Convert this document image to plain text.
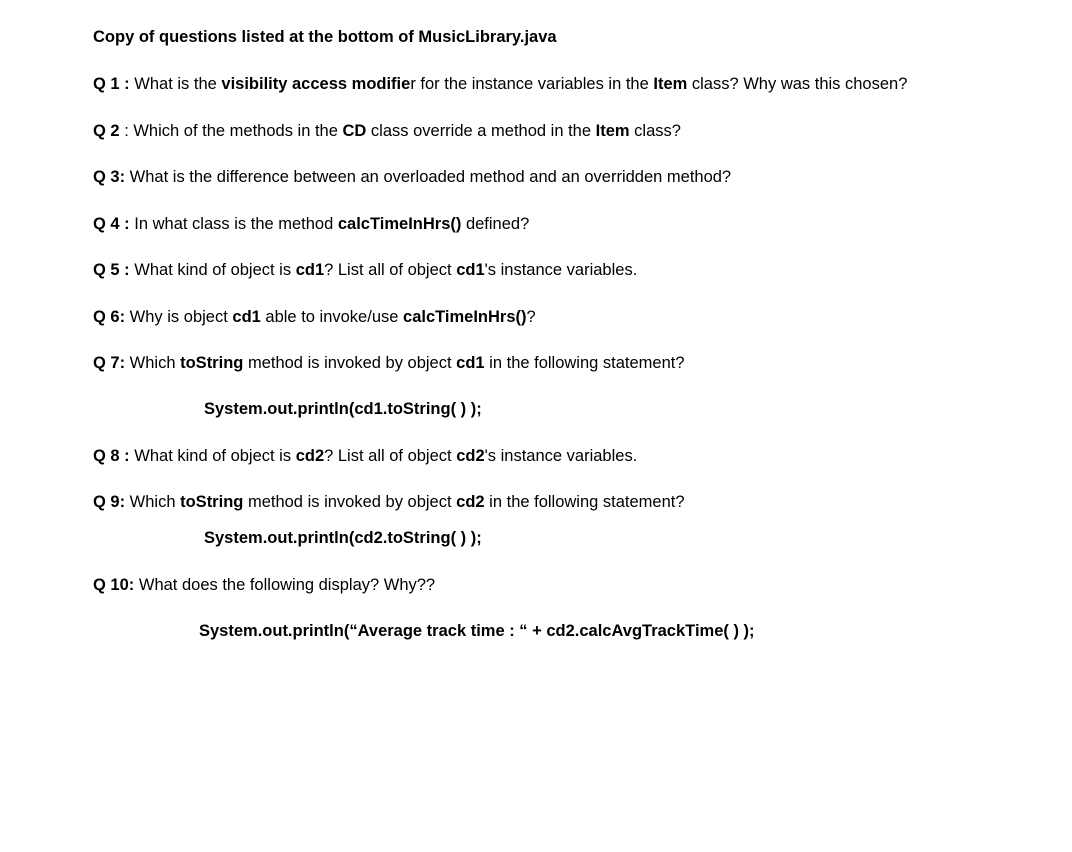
Copy of questions listed at the bottom of MusicLibrary.java

Q 1 : What is the visibility access modifier for the instance variables in the Item class? Why was this chosen?

Q 2 : Which of the methods in the CD class override a method in the Item class?

Q 3: What is the difference between an overloaded method and an overridden method?

Q 4 : In what class is the method calcTimeInHrs() defined?

Q 5 : What kind of object is cd1? List all of object cd1's instance variables.

Q 6: Why is object cd1 able to invoke/use calcTimeInHrs()?

Q 7: Which toString method is invoked by object cd1 in the following statement?

System.out.println(cd1.toString( ) );

Q 8 : What kind of object is cd2? List all of object cd2's instance variables.

Q 9: Which toString method is invoked by object cd2 in the following statement?

System.out.println(cd2.toString( ) );

Q 10: What does the following display? Why??

System.out.println(“Average track time : “ + cd2.calcAvgTrackTime( ) );
